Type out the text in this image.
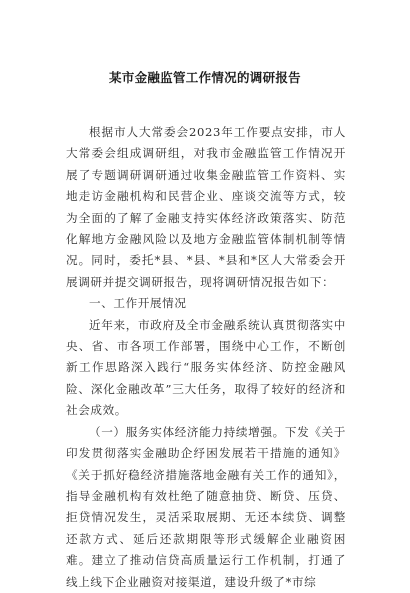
某市金融监管工作情况的调研报告

根据市人大常委会2023年工作要点安排，市人大常委会组成调研组，对我市金融监管工作情况开展了专题调研调研通过收集金融监管工作资料、实地走访金融机构和民营企业、座谈交流等方式，较为全面的了解了金融支持实体经济政策落实、防范化解地方金融风险以及地方金融监管体制机制等情况。同时，委托*县、*县、*县和*区人大常委会开展调研并提交调研报告，现将调研情况报告如下：

一、工作开展情况

近年来，市政府及全市金融系统认真贯彻落实中央、省、市各项工作部署，围绕中心工作，不断创新工作思路深入践行“服务实体经济、防控金融风险、深化金融改革”三大任务，取得了较好的经济和社会成效。

（一）服务实体经济能力持续增强。下发《关于印发贯彻落实金融助企纾困发展若干措施的通知》《关于抓好稳经济措施落地金融有关工作的通知》，指导金融机构有效杜绝了随意抽贷、断贷、压贷、拒贷情况发生，灵活采取展期、无还本续贷、调整还款方式、延后还款期限等形式缓解企业融资困难。建立了推动信贷高质量运行工作机制，打通了线上线下企业融资对接渠道，建设升级了*市综
